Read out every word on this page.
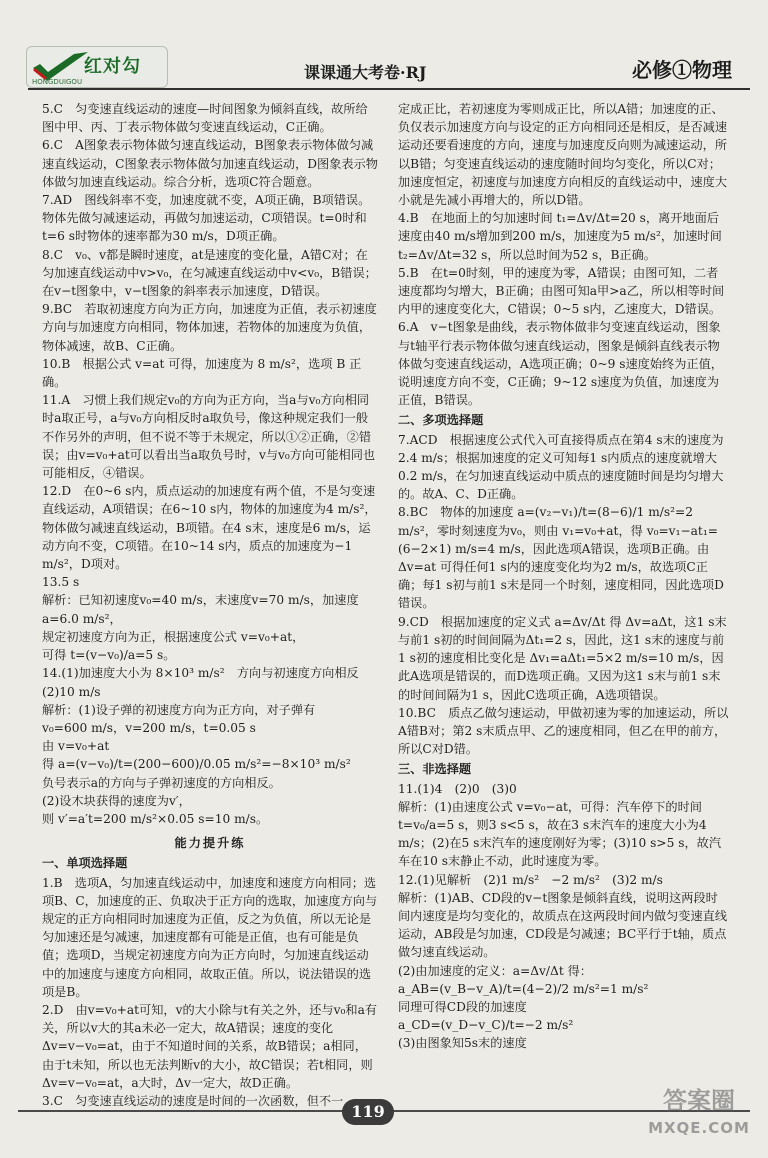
红对勾
HONGDUIGOU	课课通大考卷·RJ	必修①物理

5.C　匀变速直线运动的速度—时间图象为倾斜直线，故所给图中甲、丙、丁表示物体做匀变速直线运动，C正确。

6.C　A图象表示物体做匀速直线运动，B图象表示物体做匀减速直线运动，C图象表示物体做匀加速直线运动，D图象表示物体做匀加速直线运动。综合分析，选项C符合题意。

7.AD　图线斜率不变，加速度就不变，A项正确，B项错误。物体先做匀减速运动，再做匀加速运动，C项错误。t=0时和t=6 s时物体的速率都为30 m/s，D项正确。

8.C　v₀、v都是瞬时速度，at是速度的变化量，A错C对；在匀加速直线运动中v>v₀，在匀减速直线运动中v<v₀，B错误；在v−t图象中，v−t图象的斜率表示加速度，D错误。

9.BC　若取初速度方向为正方向，加速度为正值，表示初速度方向与加速度方向相同，物体加速，若物体的加速度为负值，物体减速，故B、C正确。

10.B　根据公式 v=at 可得，加速度为 8 m/s²，选项 B 正确。

11.A　习惯上我们规定v₀的方向为正方向，当a与v₀方向相同时a取正号，a与v₀方向相反时a取负号，像这种规定我们一般不作另外的声明，但不说不等于未规定，所以①②正确，②错误；由v=v₀+at可以看出当a取负号时，v与v₀方向可能相同也可能相反，④错误。

12.D　在0~6 s内，质点运动的加速度有两个值，不是匀变速直线运动，A项错误；在6~10 s内，物体的加速度为4 m/s²，物体做匀减速直线运动，B项错。在4 s末，速度是6 m/s，运动方向不变，C项错。在10~14 s内，质点的加速度为−1 m/s²，D项对。

13.5 s

解析：已知初速度v₀=40 m/s，末速度v=70 m/s，加速度a=6.0 m/s²，

规定初速度方向为正，根据速度公式 v=v₀+at，

可得 t=(v−v₀)/a=5 s。

14.(1)加速度大小为 8×10³ m/s²　方向与初速度方向相反　(2)10 m/s

解析：(1)设子弹的初速度方向为正方向，对子弹有

v₀=600 m/s，v=200 m/s，t=0.05 s

由 v=v₀+at

得 a=(v−v₀)/t=(200−600)/0.05 m/s²=−8×10³ m/s²

负号表示a的方向与子弹初速度的方向相反。

(2)设木块获得的速度为v′，

则 v′=a′t=200 m/s²×0.05 s=10 m/s。

能力提升练
一、单项选择题

1.B　选项A，匀加速直线运动中，加速度和速度方向相同；选项B、C，加速度的正、负取决于正方向的选取，加速度方向与规定的正方向相同时加速度为正值，反之为负值，所以无论是匀加速还是匀减速，加速度都有可能是正值，也有可能是负值；选项D，当规定初速度方向为正方向时，匀加速直线运动中的加速度与速度方向相同，故取正值。所以，说法错误的选项是B。

2.D　由v=v₀+at可知，v的大小除与t有关之外，还与v₀和a有关，所以v大的其a未必一定大，故A错误；速度的变化Δv=v−v₀=at，由于不知道时间的关系，故B错误；a相同，由于t未知，所以也无法判断v的大小，故C错误；若t相同，则Δv=v−v₀=at，a大时，Δv一定大，故D正确。

3.C　匀变速直线运动的速度是时间的一次函数，但不一

定成正比，若初速度为零则成正比，所以A错；加速度的正、负仅表示加速度方向与设定的正方向相同还是相反，是否减速运动还要看速度的方向，速度与加速度反向则为减速运动，所以B错；匀变速直线运动的速度随时间均匀变化，所以C对；加速度恒定，初速度与加速度方向相反的直线运动中，速度大小就是先减小再增大的，所以D错。

4.B　在地面上的匀加速时间 t₁=Δv/Δt=20 s，离开地面后速度由40 m/s增加到200 m/s，加速度为5 m/s²，加速时间 t₂=Δv/Δt=32 s，所以总时间为52 s，B正确。

5.B　在t=0时刻，甲的速度为零，A错误；由图可知，二者速度都均匀增大，B正确；由图可知a甲>a乙，所以相等时间内甲的速度变化大，C错误；0~5 s内，乙速度大，D错误。

6.A　v−t图象是曲线，表示物体做非匀变速直线运动，图象与t轴平行表示物体做匀速直线运动，图象是倾斜直线表示物体做匀变速直线运动，A选项正确；0~9 s速度始终为正值，说明速度方向不变，C正确；9~12 s速度为负值，加速度为正值，B错误。

二、多项选择题

7.ACD　根据速度公式代入可直接得质点在第4 s末的速度为2.4 m/s；根据加速度的定义可知每1 s内质点的速度就增大0.2 m/s，在匀加速直线运动中质点的速度随时间是均匀增大的。故A、C、D正确。

8.BC　物体的加速度 a=(v₂−v₁)/t=(8−6)/1 m/s²=2 m/s²，零时刻速度为v₀，则由 v₁=v₀+at，得 v₀=v₁−at₁=(6−2×1) m/s=4 m/s，因此选项A错误，选项B正确。由 Δv=at 可得任何1 s内的速度变化均为2 m/s，故选项C正确；每1 s初与前1 s末是同一个时刻，速度相同，因此选项D错误。

9.CD　根据加速度的定义式 a=Δv/Δt 得 Δv=aΔt，这1 s末与前1 s初的时间间隔为Δt₁=2 s，因此，这1 s末的速度与前1 s初的速度相比变化是 Δv₁=aΔt₁=5×2 m/s=10 m/s，因此A选项是错误的，而D选项正确。又因为这1 s末与前1 s末的时间间隔为1 s，因此C选项正确，A选项错误。

10.BC　质点乙做匀速运动，甲做初速为零的加速运动，所以A错B对；第2 s末质点甲、乙的速度相同，但乙在甲的前方，所以C对D错。

三、非选择题

11.(1)4　(2)0　(3)0

解析：(1)由速度公式 v=v₀−at，可得：汽车停下的时间 t=v₀/a=5 s，则3 s<5 s，故在3 s末汽车的速度大小为4 m/s；(2)在5 s末汽车的速度刚好为零；(3)10 s>5 s，故汽车在10 s末静止不动，此时速度为零。

12.(1)见解析　(2)1 m/s²　−2 m/s²　(3)2 m/s

解析：(1)AB、CD段的v−t图象是倾斜直线，说明这两段时间内速度是均匀变化的，故质点在这两段时间内做匀变速直线运动，AB段是匀加速，CD段是匀减速；BC平行于t轴，质点做匀速直线运动。

(2)由加速度的定义：a=Δv/Δt 得：

a_AB=(v_B−v_A)/t=(4−2)/2 m/s²=1 m/s²

同理可得CD段的加速度

a_CD=(v_D−v_C)/t=−2 m/s²

(3)由图象知5s末的速度

119	答案圈
MXQE.COM
